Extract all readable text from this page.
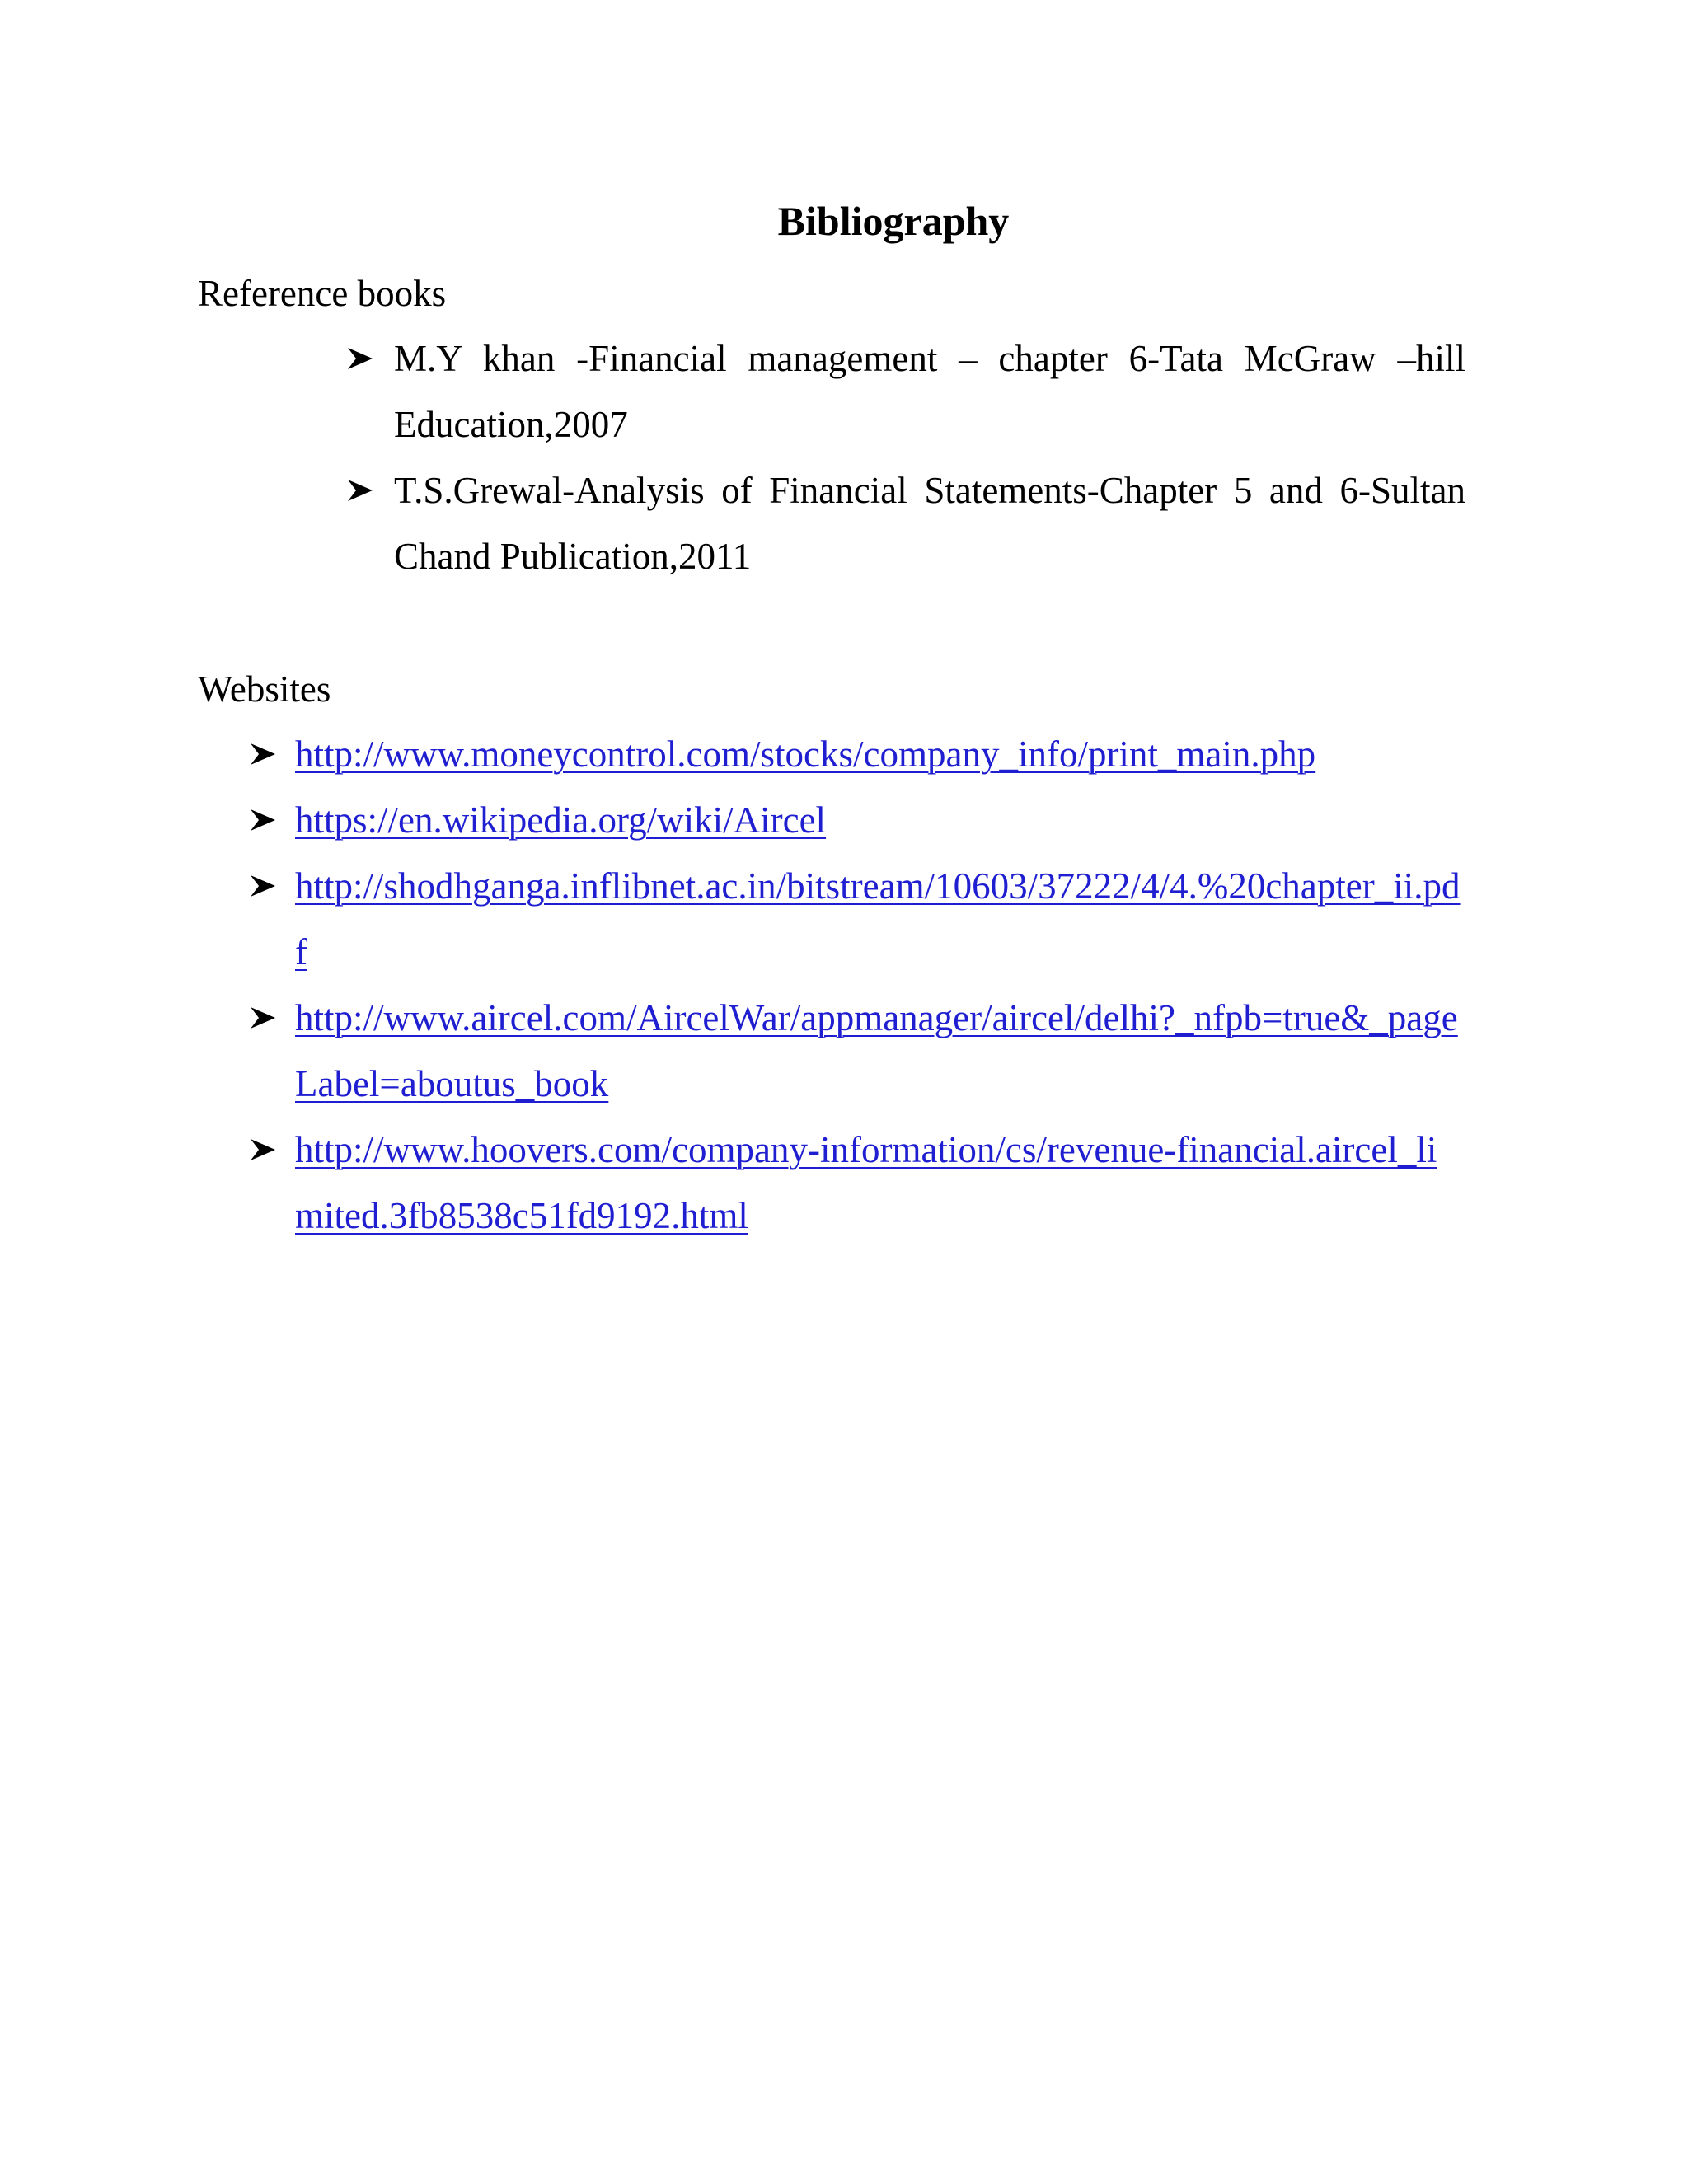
Bibliography
Reference books
M.Y khan -Financial management – chapter 6-Tata McGraw –hill Education,2007
T.S.Grewal-Analysis of Financial Statements-Chapter 5 and 6-Sultan Chand Publication,2011
Websites
http://www.moneycontrol.com/stocks/company_info/print_main.php
https://en.wikipedia.org/wiki/Aircel
http://shodhganga.inflibnet.ac.in/bitstream/10603/37222/4/4.%20chapter_ii.pdf
http://www.aircel.com/AircelWar/appmanager/aircel/delhi?_nfpb=true&_pageLabel=aboutus_book
http://www.hoovers.com/company-information/cs/revenue-financial.aircel_limited.3fb8538c51fd9192.html
